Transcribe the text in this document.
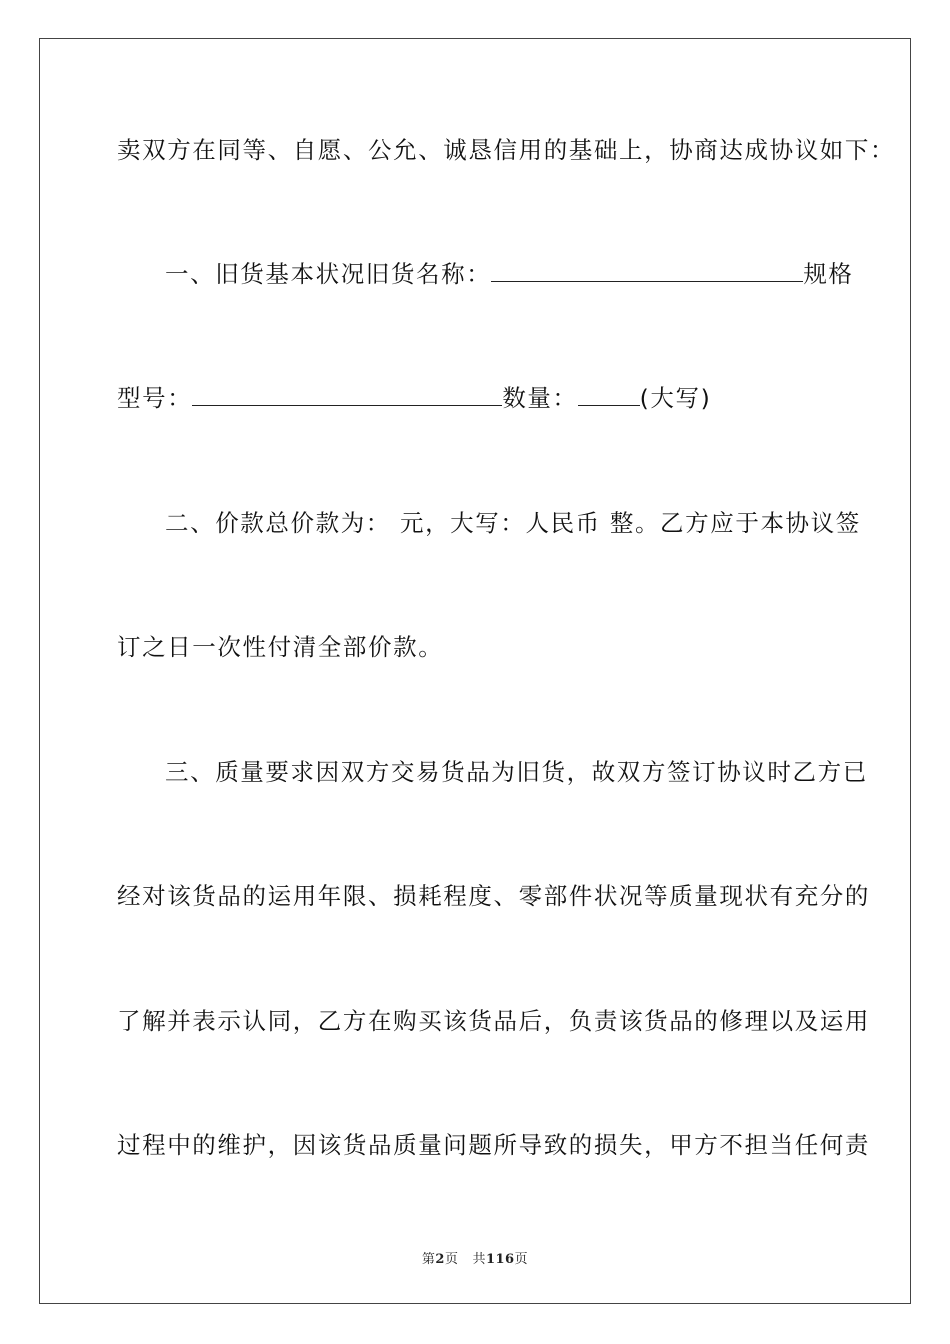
卖双方在同等、自愿、公允、诚恳信用的基础上，协商达成协议如下：
一、旧货基本状况旧货名称：	规格
型号：	数量：	(大写)
二、价款总价款为： 元，大写：人民币 整。乙方应于本协议签
订之日一次性付清全部价款。
三、质量要求因双方交易货品为旧货，故双方签订协议时乙方已
经对该货品的运用年限、损耗程度、零部件状况等质量现状有充分的
了解并表示认同，乙方在购买该货品后，负责该货品的修理以及运用
过程中的维护，因该货品质量问题所导致的损失，甲方不担当任何责
第2页 共116页
